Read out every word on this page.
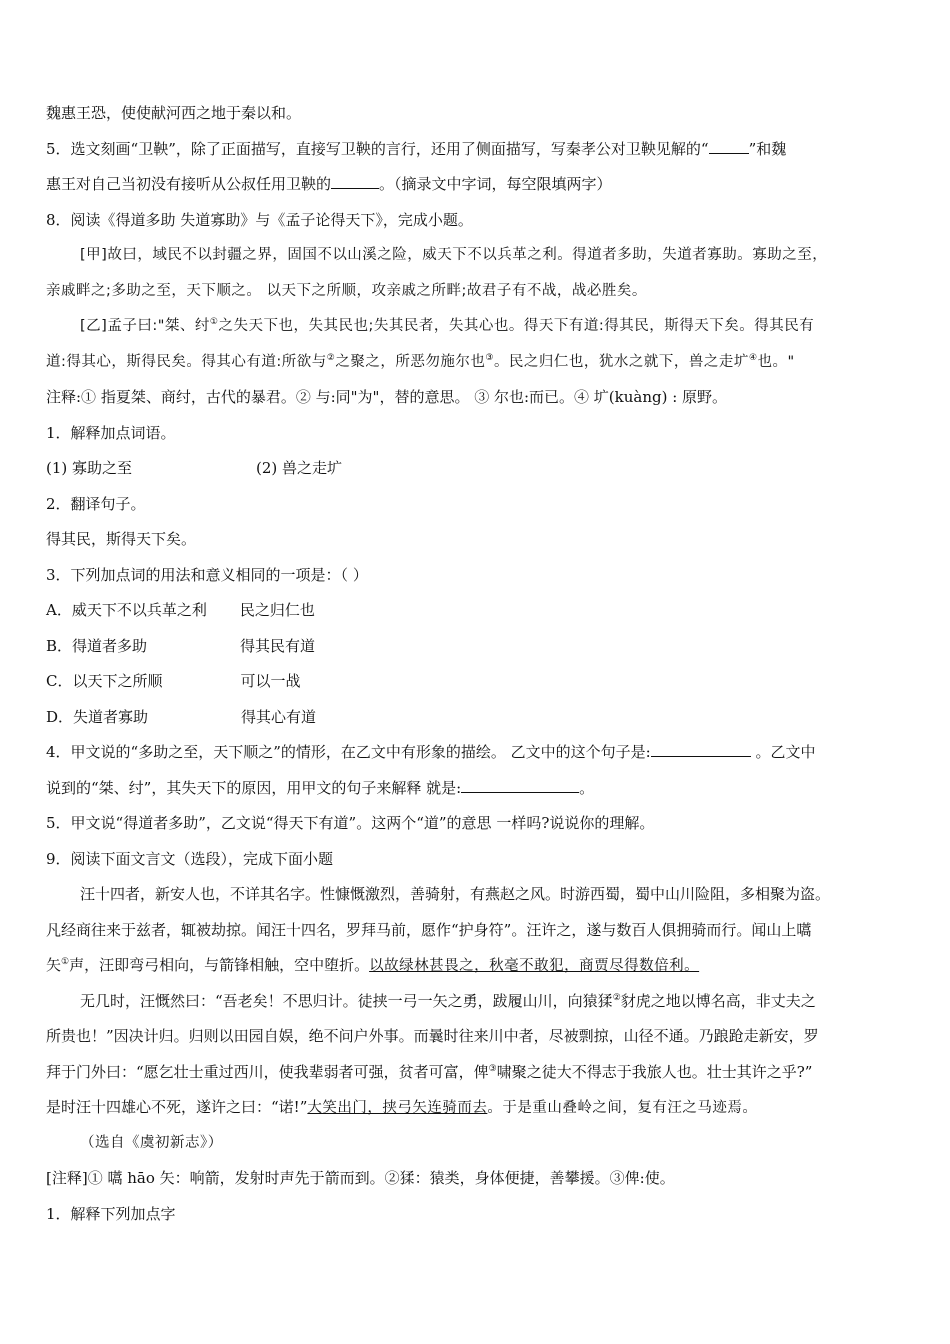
魏惠王恐，使使献河西之地于秦以和。
5．选文刻画“卫鞅”，除了正面描写，直接写卫鞅的言行，还用了侧面描写，写秦孝公对卫鞅见解的“	”和魏
惠王对自己当初没有接听从公叔任用卫鞅的	。（摘录文中字词，每空限填两字）
8．阅读《得道多助 失道寡助》与《孟子论得天下》，完成小题。
[甲]故曰，域民不以封疆之界，固国不以山溪之险，威天下不以兵革之利。得道者多助，失道者寡助。寡助之至，
亲戚畔之;多助之至，天下顺之。 以天下之所顺，攻亲戚之所畔;故君子有不战，战必胜矣。
[乙]孟子曰:"桀、纣①之失天下也，失其民也;失其民者，失其心也。得天下有道:得其民，斯得天下矣。得其民有
道:得其心，斯得民矣。得其心有道:所欲与②之聚之，所恶勿施尔也③。民之归仁也，犹水之就下，兽之走圹④也。"
注释:① 指夏桀、商纣，古代的暴君。② 与:同"为"，替的意思。 ③ 尔也:而已。④ 圹(kuàng) : 原野。
1．解释加点词语。
(1) 寡助之至	(2) 兽之走圹
2．翻译句子。
得其民，斯得天下矣。
3．下列加点词的用法和意义相同的一项是：（ ）
A．威天下不以兵革之利 民之归仁也
B．得道者多助	得其民有道
C．以天下之所顺	可以一战
D．失道者寡助	得其心有道
4．甲文说的“多助之至，天下顺之”的情形，在乙文中有形象的描绘。 乙文中的这个句子是:	。乙文中
说到的“桀、纣”，其失天下的原因，用甲文的句子来解释 就是:	。
5．甲文说“得道者多助”，乙文说“得天下有道”。这两个“道”的意思 一样吗?说说你的理解。
9．阅读下面文言文（选段），完成下面小题
汪十四者，新安人也，不详其名字。性慷慨激烈，善骑射，有燕赵之风。时游西蜀，蜀中山川险阻，多相聚为盗。
凡经商往来于兹者，辄被劫掠。闻汪十四名，罗拜马前，愿作“护身符”。汪许之，遂与数百人俱拥骑而行。闻山上嚆
矢①声，汪即弯弓相向，与箭锋相触，空中堕折。以故绿林甚畏之，秋毫不敢犯，商贾尽得数倍利。
无几时，汪慨然曰：“吾老矣！不思归计。徒挟一弓一矢之勇，跋履山川，向猿猱②豺虎之地以博名高，非丈夫之
所贵也！”因决计归。归则以田园自娱，绝不问户外事。而曩时往来川中者，尽被剽掠，山径不通。乃踉跄走新安，罗
拜于门外曰：“愿乞壮士重过西川，使我辈弱者可强，贫者可富，俾③啸聚之徒大不得志于我旅人也。壮士其许之乎?”
是时汪十四雄心不死，遂许之曰：“诺!”大笑出门，挟弓矢连骑而去。于是重山叠岭之间，复有汪之马迹焉。
（选自《虞初新志》）
[注释]① 嚆 hāo 矢：响箭，发射时声先于箭而到。②猱：猿类，身体便捷，善攀援。③俾:使。
1．解释下列加点字
